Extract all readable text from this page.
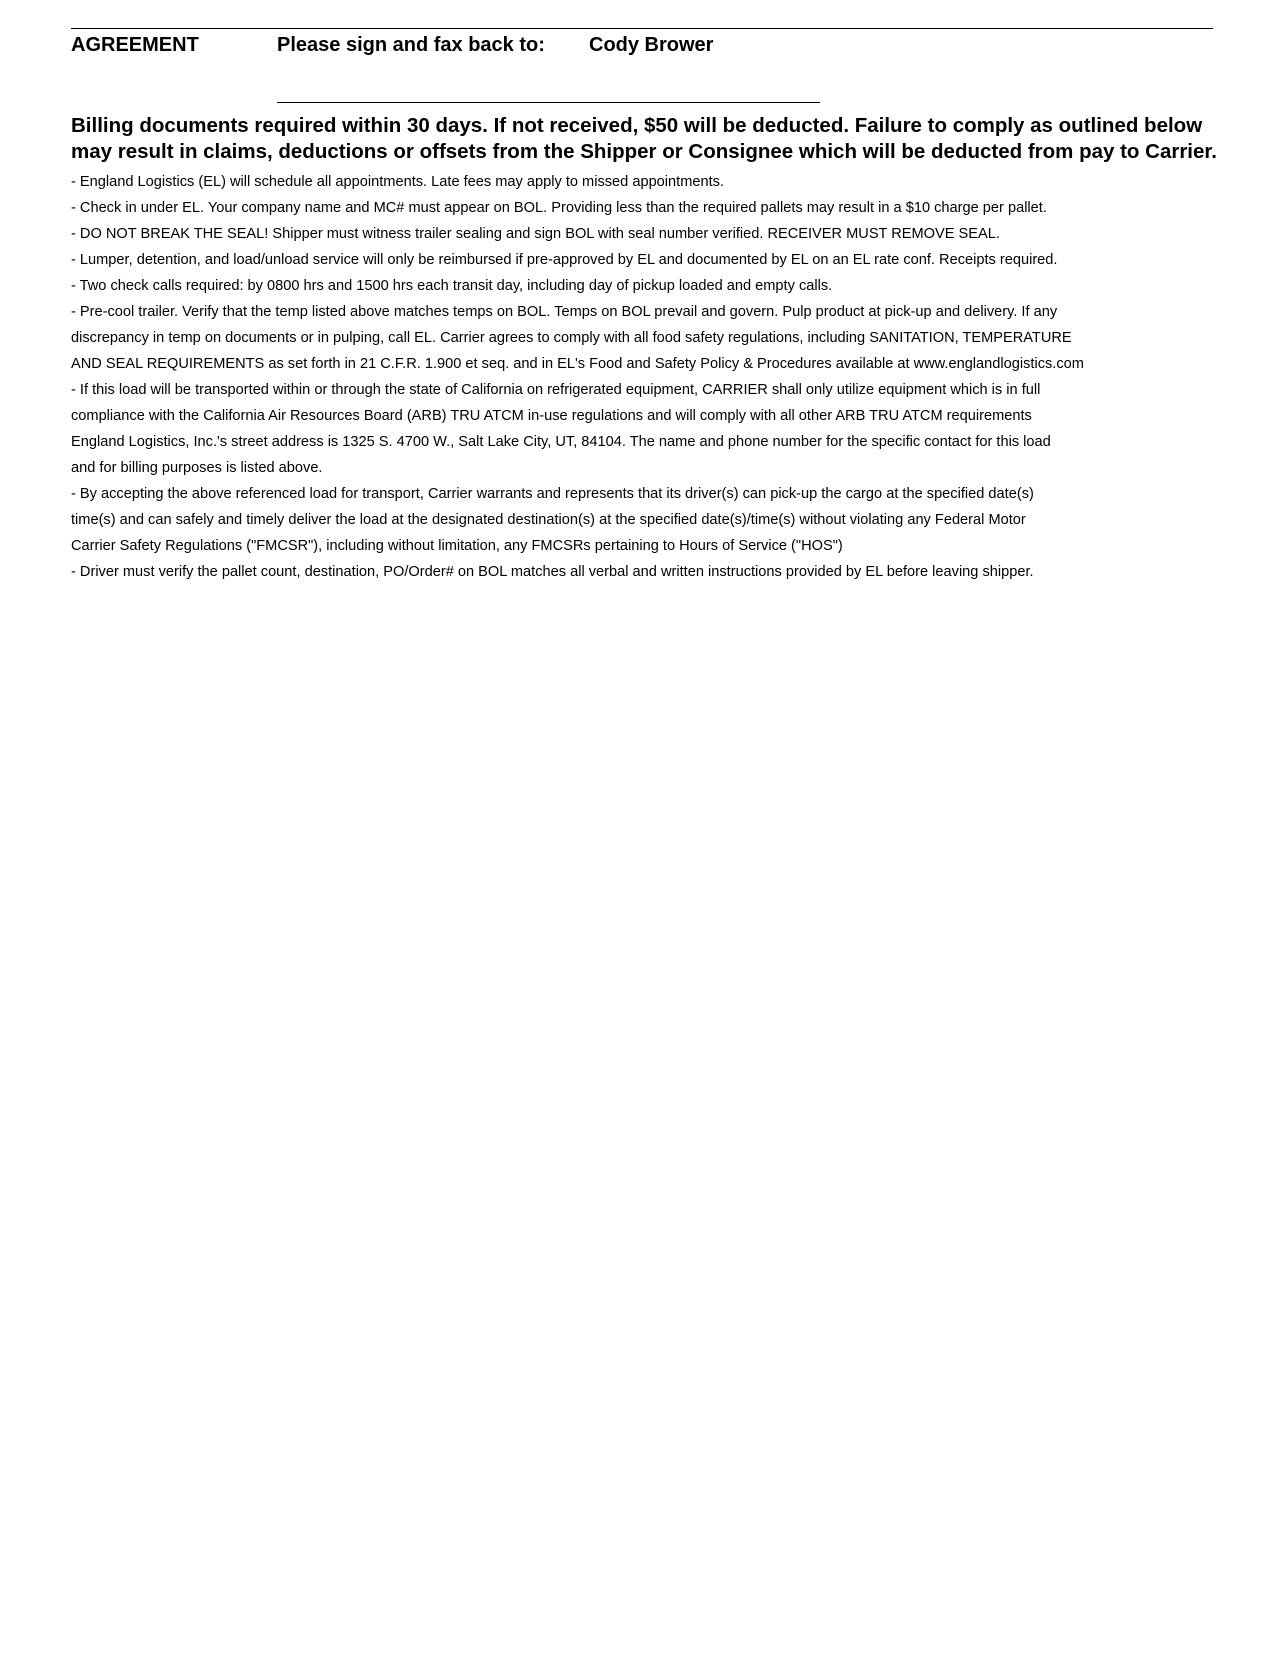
AGREEMENT	Please sign and fax back to: Cody Brower
Billing documents required within 30 days. If not received, $50 will be deducted. Failure to comply as outlined below
may result in claims, deductions or offsets from the Shipper or Consignee which will be deducted from pay to Carrier.
- England Logistics (EL) will schedule all appointments. Late fees may apply to missed appointments.
- Check in under EL. Your company name and MC# must appear on BOL. Providing less than the required pallets may result in a $10 charge per pallet.
- DO NOT BREAK THE SEAL! Shipper must witness trailer sealing and sign BOL with seal number verified. RECEIVER MUST REMOVE SEAL.
- Lumper, detention, and load/unload service will only be reimbursed if pre-approved by EL and documented by EL on an EL rate conf. Receipts required.
- Two check calls required: by 0800 hrs and 1500 hrs each transit day, including day of pickup loaded and empty calls.
- Pre-cool trailer. Verify that the temp listed above matches temps on BOL. Temps on BOL prevail and govern. Pulp product at pick-up and delivery. If any
discrepancy in temp on documents or in pulping, call EL. Carrier agrees to comply with all food safety regulations, including SANITATION, TEMPERATURE
AND SEAL REQUIREMENTS as set forth in 21 C.F.R. 1.900 et seq. and in EL's Food and Safety Policy & Procedures available at www.englandlogistics.com
- If this load will be transported within or through the state of California on refrigerated equipment, CARRIER shall only utilize equipment which is in full
compliance with the California Air Resources Board (ARB) TRU ATCM in-use regulations and will comply with all other ARB TRU ATCM requirements
England Logistics, Inc.'s street address is 1325 S. 4700 W., Salt Lake City, UT, 84104. The name and phone number for the specific contact for this load
and for billing purposes is listed above.
- By accepting the above referenced load for transport, Carrier warrants and represents that its driver(s) can pick-up the cargo at the specified date(s)
time(s) and can safely and timely deliver the load at the designated destination(s) at the specified date(s)/time(s) without violating any Federal Motor
Carrier Safety Regulations ("FMCSR"), including without limitation, any FMCSRs pertaining to Hours of Service ("HOS")
- Driver must verify the pallet count, destination, PO/Order# on BOL matches all verbal and written instructions provided by EL before leaving shipper.
